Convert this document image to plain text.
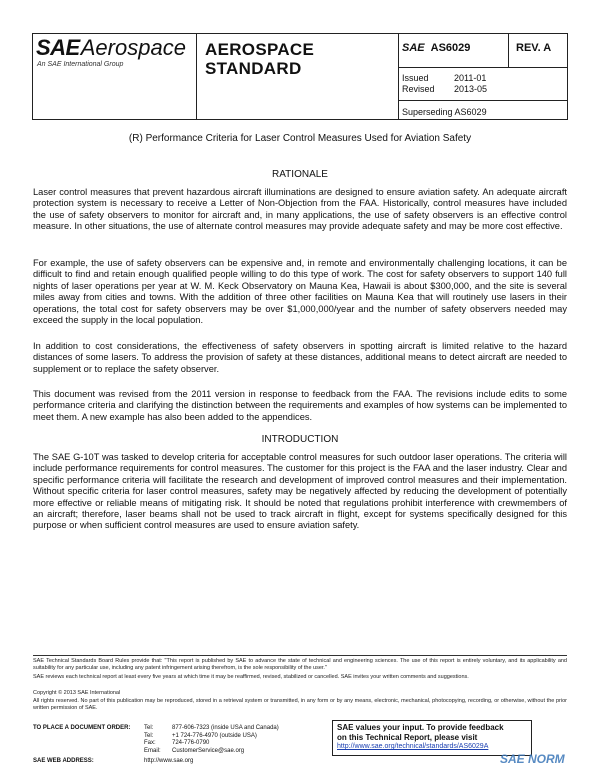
SAEAerospace
An SAE International Group
AEROSPACE
STANDARD
SAE AS6029	REV. A
Issued	2011-01
Revised	2013-05
Superseding AS6029
(R) Performance Criteria for Laser Control Measures Used for Aviation Safety
RATIONALE
Laser control measures that prevent hazardous aircraft illuminations are designed to ensure aviation safety. An adequate aircraft protection system is necessary to receive a Letter of Non-Objection from the FAA. Historically, control measures have included the use of safety observers to monitor for aircraft and, in many applications, the use of safety observers is an effective control measure. In other situations, the use of alternate control measures may provide adequate safety and may be more cost effective.
For example, the use of safety observers can be expensive and, in remote and environmentally challenging locations, it can be difficult to find and retain enough qualified people willing to do this type of work. The cost for safety observers to support 140 full nights of laser operations per year at W. M. Keck Observatory on Mauna Kea, Hawaii is about $300,000, and the site is several miles away from cities and towns. With the addition of three other facilities on Mauna Kea that will routinely use lasers in their operations, the total cost for safety observers may be over $1,000,000/year and the number of safety observers needed may exceed the supply in the local population.
In addition to cost considerations, the effectiveness of safety observers in spotting aircraft is limited relative to the hazard distances of some lasers. To address the provision of safety at these distances, additional means to detect aircraft are needed to supplement or to replace the safety observer.
This document was revised from the 2011 version in response to feedback from the FAA. The revisions include edits to some performance criteria and clarifying the distinction between the requirements and examples of how systems can be implemented to meet them. A new example has also been added to the appendices.
INTRODUCTION
The SAE G-10T was tasked to develop criteria for acceptable control measures for such outdoor laser operations. The criteria will include performance requirements for control measures. The customer for this project is the FAA and the laser industry. Clear and specific performance criteria will facilitate the research and development of improved control measures and their implementation. Without specific criteria for laser control measures, safety may be negatively affected by reducing the development of potentially more effective or reliable means of mitigating risk. It should be noted that regulations prohibit interference with crewmembers of an aircraft; therefore, laser beams shall not be used to track aircraft in flight, except for systems specifically designed for this purpose or when sufficient control measures are used to ensure aviation safety.
SAE Technical Standards Board Rules provide that: "This report is published by SAE to advance the state of technical and engineering sciences. The use of this report is entirely voluntary, and its applicability and suitability for any particular use, including any patent infringement arising therefrom, is the sole responsibility of the user."
SAE reviews each technical report at least every five years at which time it may be reaffirmed, revised, stabilized or cancelled. SAE invites your written comments and suggestions.
Copyright © 2013 SAE International
All rights reserved. No part of this publication may be reproduced, stored in a retrieval system or transmitted, in any form or by any means, electronic, mechanical, photocopying, recording, or otherwise, without the prior written permission of SAE.
TO PLACE A DOCUMENT ORDER:	Tel:	877-606-7323 (inside USA and Canada)
	Tel:	+1 724-776-4970 (outside USA)
	Fax:	724-776-0790
	Email:	CustomerService@sae.org
SAE WEB ADDRESS:	http://www.sae.org
SAE values your input. To provide feedback
on this Technical Report, please visit
http://www.sae.org/technical/standards/AS6029A
SAE NORM
